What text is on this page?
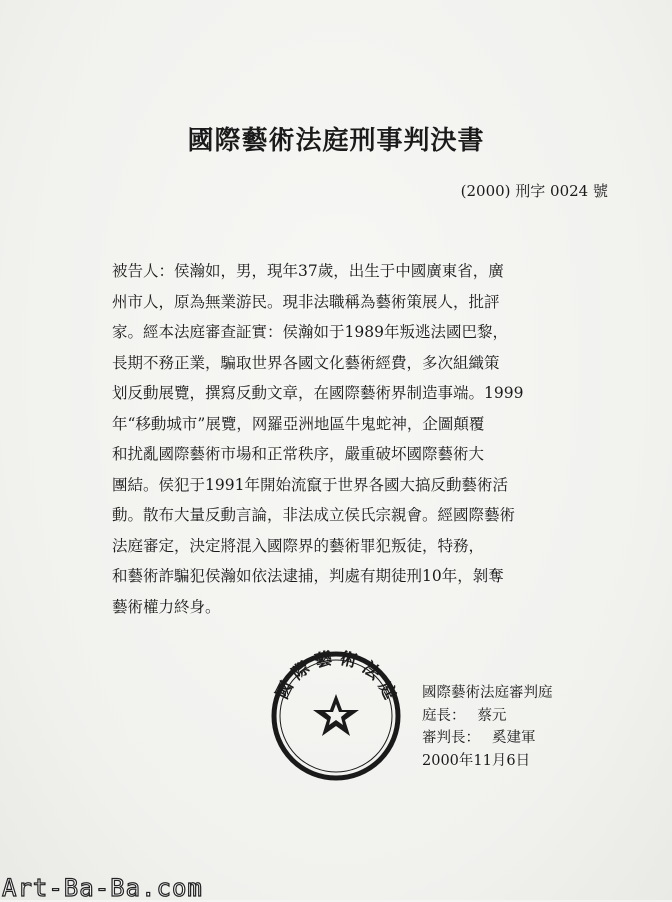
國際藝術法庭刑事判決書
(2000) 刑字 0024 號
被告人：侯瀚如，男，現年37歲，出生于中國廣東省，廣
州市人，原為無業游民。現非法職稱為藝術策展人，批評
家。經本法庭審查証實：侯瀚如于1989年叛逃法國巴黎，
長期不務正業，騙取世界各國文化藝術經費，多次組織策
划反動展覽，撰寫反動文章，在國際藝術界制造事端。1999
年“移動城市”展覽，网羅亞洲地區牛鬼蛇神，企圖顛覆
和扰亂國際藝術市場和正常秩序，嚴重破坏國際藝術大
團結。侯犯于1991年開始流竄于世界各國大搞反動藝術活
動。散布大量反動言論，非法成立侯氏宗親會。經國際藝術
法庭審定，決定將混入國際界的藝術罪犯叛徒，特務，
和藝術詐騙犯侯瀚如依法逮捕，判處有期徒刑10年，剝奪
藝術權力終身。
國 際 藝 術 法 庭 國際藝術法庭審判庭
庭長： 蔡元
審判長： 奚建軍
2000年11月6日
Art-Ba-Ba.com
